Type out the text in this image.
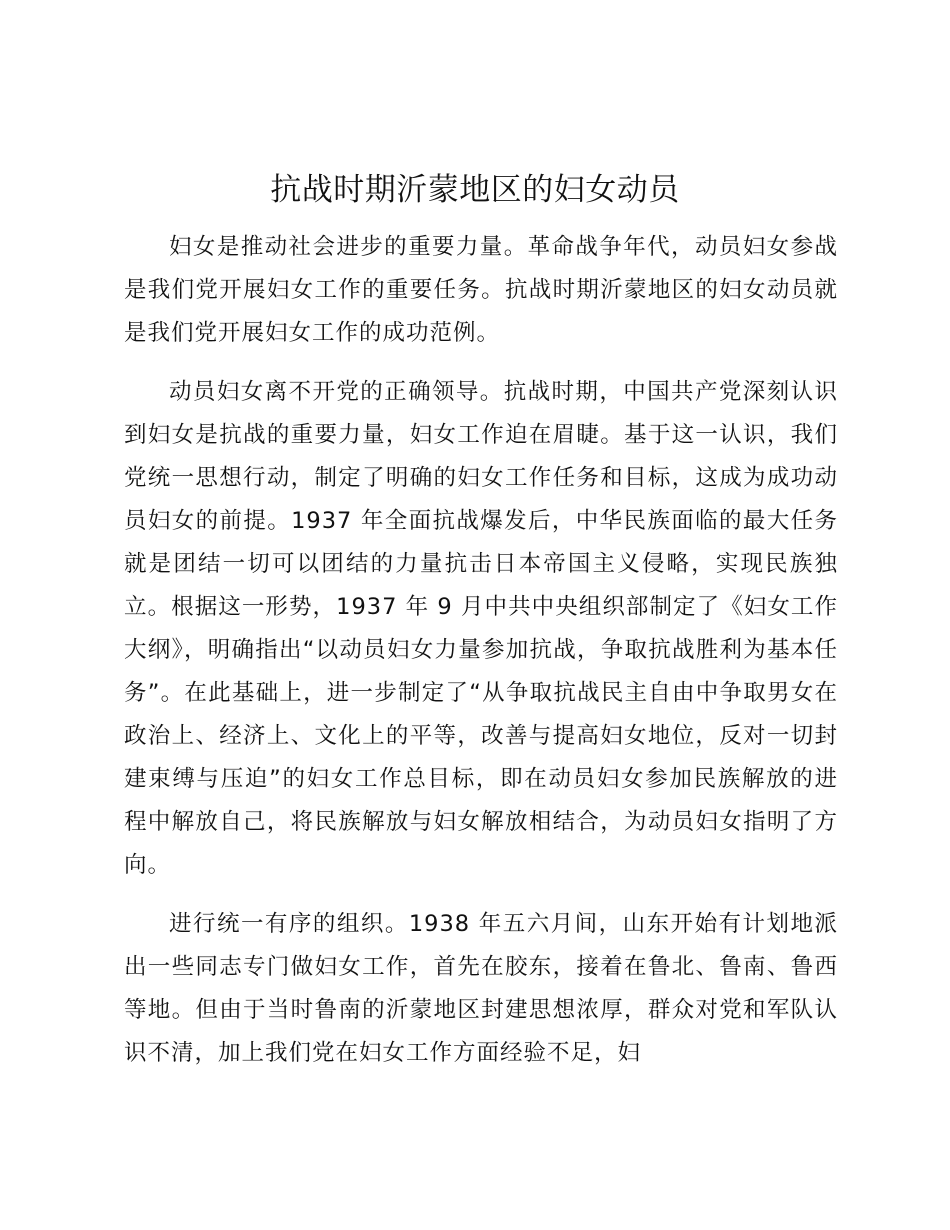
抗战时期沂蒙地区的妇女动员

妇女是推动社会进步的重要力量。革命战争年代，动员妇女参战是我们党开展妇女工作的重要任务。抗战时期沂蒙地区的妇女动员就是我们党开展妇女工作的成功范例。

动员妇女离不开党的正确领导。抗战时期，中国共产党深刻认识到妇女是抗战的重要力量，妇女工作迫在眉睫。基于这一认识，我们党统一思想行动，制定了明确的妇女工作任务和目标，这成为成功动员妇女的前提。1937 年全面抗战爆发后，中华民族面临的最大任务就是团结一切可以团结的力量抗击日本帝国主义侵略，实现民族独立。根据这一形势，1937 年 9 月中共中央组织部制定了《妇女工作大纲》，明确指出“以动员妇女力量参加抗战，争取抗战胜利为基本任务”。在此基础上，进一步制定了“从争取抗战民主自由中争取男女在政治上、经济上、文化上的平等，改善与提高妇女地位，反对一切封建束缚与压迫”的妇女工作总目标，即在动员妇女参加民族解放的进程中解放自己，将民族解放与妇女解放相结合，为动员妇女指明了方向。

进行统一有序的组织。1938 年五六月间，山东开始有计划地派出一些同志专门做妇女工作，首先在胶东，接着在鲁北、鲁南、鲁西等地。但由于当时鲁南的沂蒙地区封建思想浓厚，群众对党和军队认识不清，加上我们党在妇女工作方面经验不足，妇
